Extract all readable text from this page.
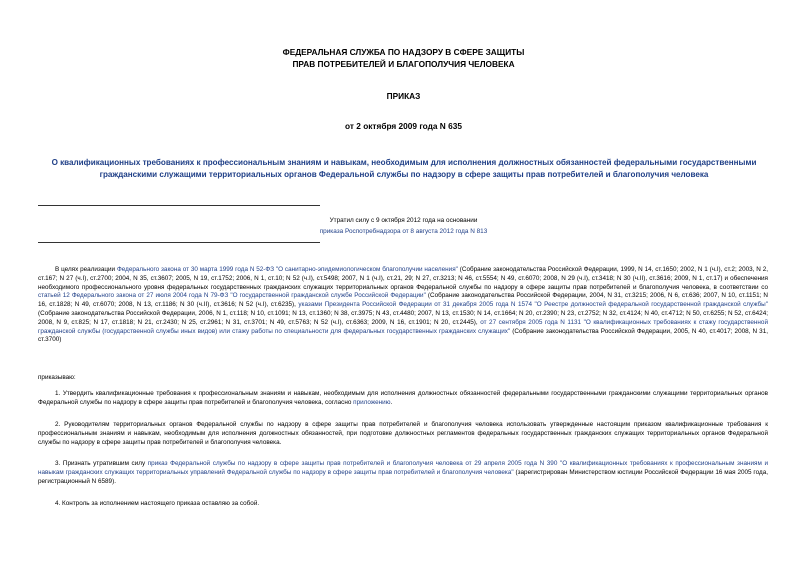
ФЕДЕРАЛЬНАЯ СЛУЖБА ПО НАДЗОРУ В СФЕРЕ ЗАЩИТЫ

ПРАВ ПОТРЕБИТЕЛЕЙ И БЛАГОПОЛУЧИЯ ЧЕЛОВЕКА

ПРИКАЗ

от 2 октября 2009 года N 635

О квалификационных требованиях к профессиональным знаниям и навыкам, необходимым для исполнения должностных обязанностей федеральными государственными гражданскими служащими территориальных органов Федеральной службы по надзору в сфере защиты прав потребителей и благополучия человека

Утратил силу с 9 октября 2012 года на основании

приказа Роспотребнадзора от 8 августа 2012 года N 813

В целях реализации Федерального закона от 30 марта 1999 года N 52-ФЗ "О санитарно-эпидемиологическом благополучии населения" (Собрание законодательства Российской Федерации, 1999, N 14, ст.1650; 2002, N 1 (ч.I), ст.2; 2003, N 2, ст.167; N 27 (ч.I), ст.2700; 2004, N 35, ст.3607; 2005, N 19, ст.1752; 2006, N 1, ст.10; N 52 (ч.I), ст.5498; 2007, N 1 (ч.I), ст.21, 29; N 27, ст.3213; N 46, ст.5554; N 49, ст.6070; 2008, N 29 (ч.I), ст.3418; N 30 (ч.II), ст.3616; 2009, N 1, ст.17) и обеспечения необходимого профессионального уровня федеральных государственных гражданских служащих территориальных органов Федеральной службы по надзору в сфере защиты прав потребителей и благополучия человека, в соответствии со статьей 12 Федерального закона от 27 июля 2004 года N 79-ФЗ "О государственной гражданской службе Российской Федерации" (Собрание законодательства Российской Федерации, 2004, N 31, ст.3215; 2006, N 6, ст.636; 2007, N 10, ст.1151; N 16, ст.1828; N 49, ст.6070; 2008, N 13, ст.1186; N 30 (ч.II), ст.3616; N 52 (ч.I), ст.6235), указами Президента Российской Федерации от 31 декабря 2005 года N 1574 "О Реестре должностей федеральной государственной гражданской службы" (Собрание законодательства Российской Федерации, 2006, N 1, ст.118; N 10, ст.1091; N 13, ст.1360; N 38, ст.3975; N 43, ст.4480; 2007, N 13, ст.1530; N 14, ст.1664; N 20, ст.2390; N 23, ст.2752; N 32, ст.4124; N 40, ст.4712; N 50, ст.6255; N 52, ст.6424; 2008, N 9, ст.825; N 17, ст.1818; N 21, ст.2430; N 25, ст.2961; N 31, ст.3701; N 49, ст.5763; N 52 (ч.I), ст.6363; 2009, N 16, ст.1901; N 20, ст.2445), от 27 сентября 2005 года N 1131 "О квалификационных требованиях к стажу государственной гражданской службы (государственной службы иных видов) или стажу работы по специальности для федеральных государственных гражданских служащих" (Собрание законодательства Российской Федерации, 2005, N 40, ст.4017; 2008, N 31, ст.3700)

приказываю:

1. Утвердить квалификационные требования к профессиональным знаниям и навыкам, необходимым для исполнения должностных обязанностей федеральными государственными гражданскими служащими территориальных органов Федеральной службы по надзору в сфере защиты прав потребителей и благополучия человека, согласно приложению.

2. Руководителям территориальных органов Федеральной службы по надзору в сфере защиты прав потребителей и благополучия человека использовать утвержденные настоящим приказом квалификационные требования к профессиональным знаниям и навыкам, необходимым для исполнения должностных обязанностей, при подготовке должностных регламентов федеральных государственных гражданских служащих территориальных органов Федеральной службы по надзору в сфере защиты прав потребителей и благополучия человека.

3. Признать утратившим силу приказ Федеральной службы по надзору в сфере защиты прав потребителей и благополучия человека от 29 апреля 2005 года N 390 "О квалификационных требованиях к профессиональным знаниям и навыкам гражданских служащих территориальных управлений Федеральной службы по надзору в сфере защиты прав потребителей и благополучия человека" (зарегистрирован Министерством юстиции Российской Федерации 16 мая 2005 года, регистрационный N 6589).

4. Контроль за исполнением настоящего приказа оставляю за собой.
